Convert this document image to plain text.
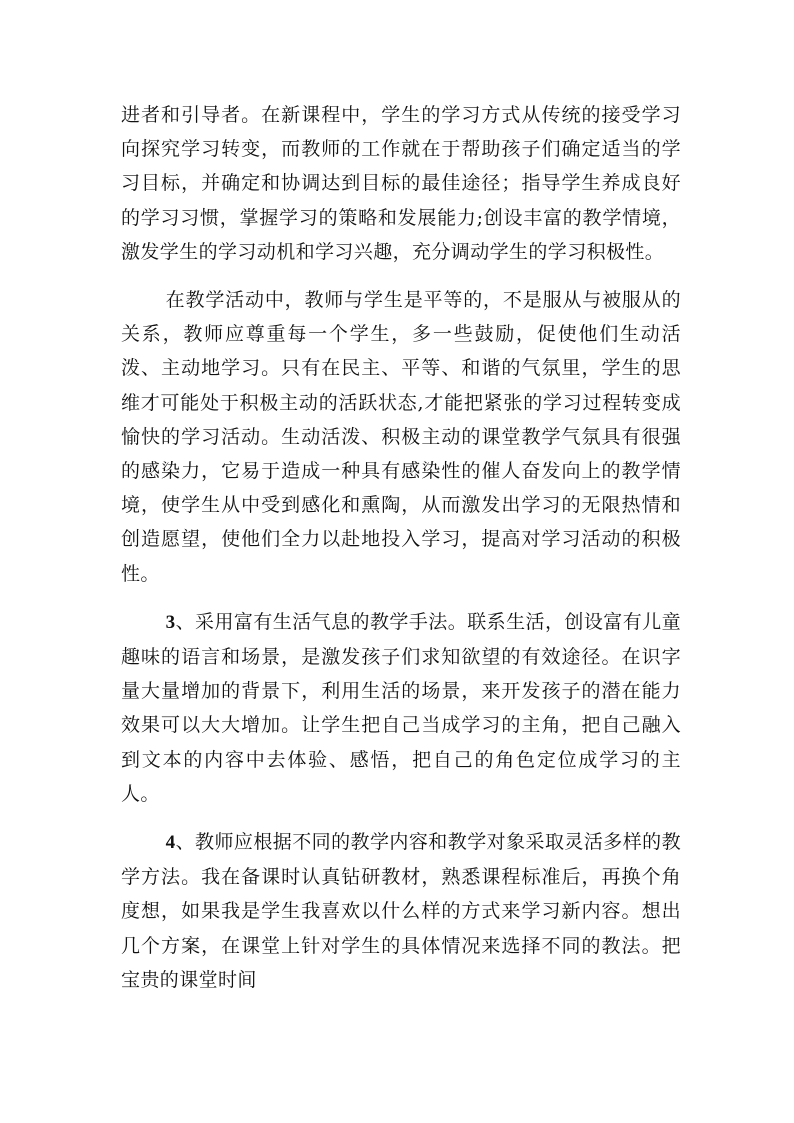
进者和引导者。在新课程中，学生的学习方式从传统的接受学习向探究学习转变，而教师的工作就在于帮助孩子们确定适当的学习目标，并确定和协调达到目标的最佳途径；指导学生养成良好的学习习惯，掌握学习的策略和发展能力;创设丰富的教学情境，激发学生的学习动机和学习兴趣，充分调动学生的学习积极性。

在教学活动中，教师与学生是平等的，不是服从与被服从的关系，教师应尊重每一个学生，多一些鼓励，促使他们生动活泼、主动地学习。只有在民主、平等、和谐的气氛里，学生的思维才可能处于积极主动的活跃状态,才能把紧张的学习过程转变成愉快的学习活动。生动活泼、积极主动的课堂教学气氛具有很强的感染力，它易于造成一种具有感染性的催人奋发向上的教学情境，使学生从中受到感化和熏陶，从而激发出学习的无限热情和创造愿望，使他们全力以赴地投入学习，提高对学习活动的积极性。

3、采用富有生活气息的教学手法。联系生活，创设富有儿童趣味的语言和场景，是激发孩子们求知欲望的有效途径。在识字量大量增加的背景下，利用生活的场景，来开发孩子的潜在能力效果可以大大增加。让学生把自己当成学习的主角，把自己融入到文本的内容中去体验、感悟，把自己的角色定位成学习的主人。

4、教师应根据不同的教学内容和教学对象采取灵活多样的教学方法。我在备课时认真钻研教材，熟悉课程标准后，再换个角度想，如果我是学生我喜欢以什么样的方式来学习新内容。想出几个方案，在课堂上针对学生的具体情况来选择不同的教法。把宝贵的课堂时间
